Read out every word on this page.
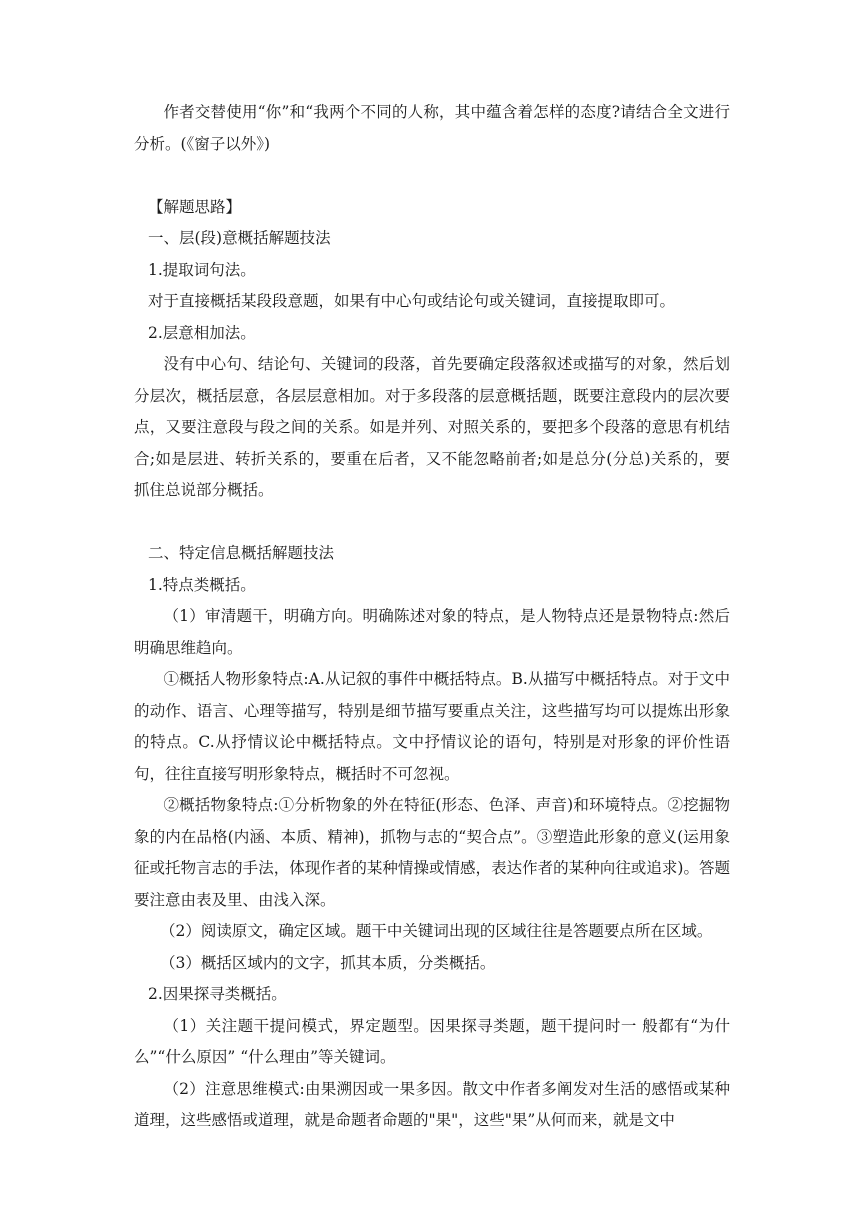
作者交替使用“你”和“我两个不同的人称，其中蕴含着怎样的态度?请结合全文进行分析。(《窗子以外》)

【解题思路】

一、层(段)意概括解题技法

1.提取词句法。

对于直接概括某段段意题，如果有中心句或结论句或关键词，直接提取即可。

2.层意相加法。

没有中心句、结论句、关键词的段落，首先要确定段落叙述或描写的对象，然后划分层次，概括层意，各层层意相加。对于多段落的层意概括题，既要注意段内的层次要点，又要注意段与段之间的关系。如是并列、对照关系的，要把多个段落的意思有机结合;如是层进、转折关系的，要重在后者，又不能忽略前者;如是总分(分总)关系的，要抓住总说部分概括。

二、特定信息概括解题技法

1.特点类概括。

（1）审清题干，明确方向。明确陈述对象的特点，是人物特点还是景物特点:然后明确思维趋向。

①概括人物形象特点:A.从记叙的事件中概括特点。B.从描写中概括特点。对于文中的动作、语言、心理等描写，特别是细节描写要重点关注，这些描写均可以提炼出形象的特点。C.从抒情议论中概括特点。文中抒情议论的语句，特别是对形象的评价性语句，往往直接写明形象特点，概括时不可忽视。

②概括物象特点:①分析物象的外在特征(形态、色泽、声音)和环境特点。②挖掘物象的内在品格(内涵、本质、精神)，抓物与志的“契合点”。③塑造此形象的意义(运用象征或托物言志的手法，体现作者的某种情操或情感，表达作者的某种向往或追求)。答题要注意由表及里、由浅入深。

（2）阅读原文，确定区域。题干中关键词出现的区域往往是答题要点所在区域。

（3）概括区域内的文字，抓其本质，分类概括。

2.因果探寻类概括。

（1）关注题干提问模式，界定题型。因果探寻类题，题干提问时一 般都有“为什么”“什么原因” “什么理由”等关键词。

（2）注意思维模式:由果溯因或一果多因。散文中作者多阐发对生活的感悟或某种道理，这些感悟或道理，就是命题者命题的"果"，这些"果”从何而来，就是文中
